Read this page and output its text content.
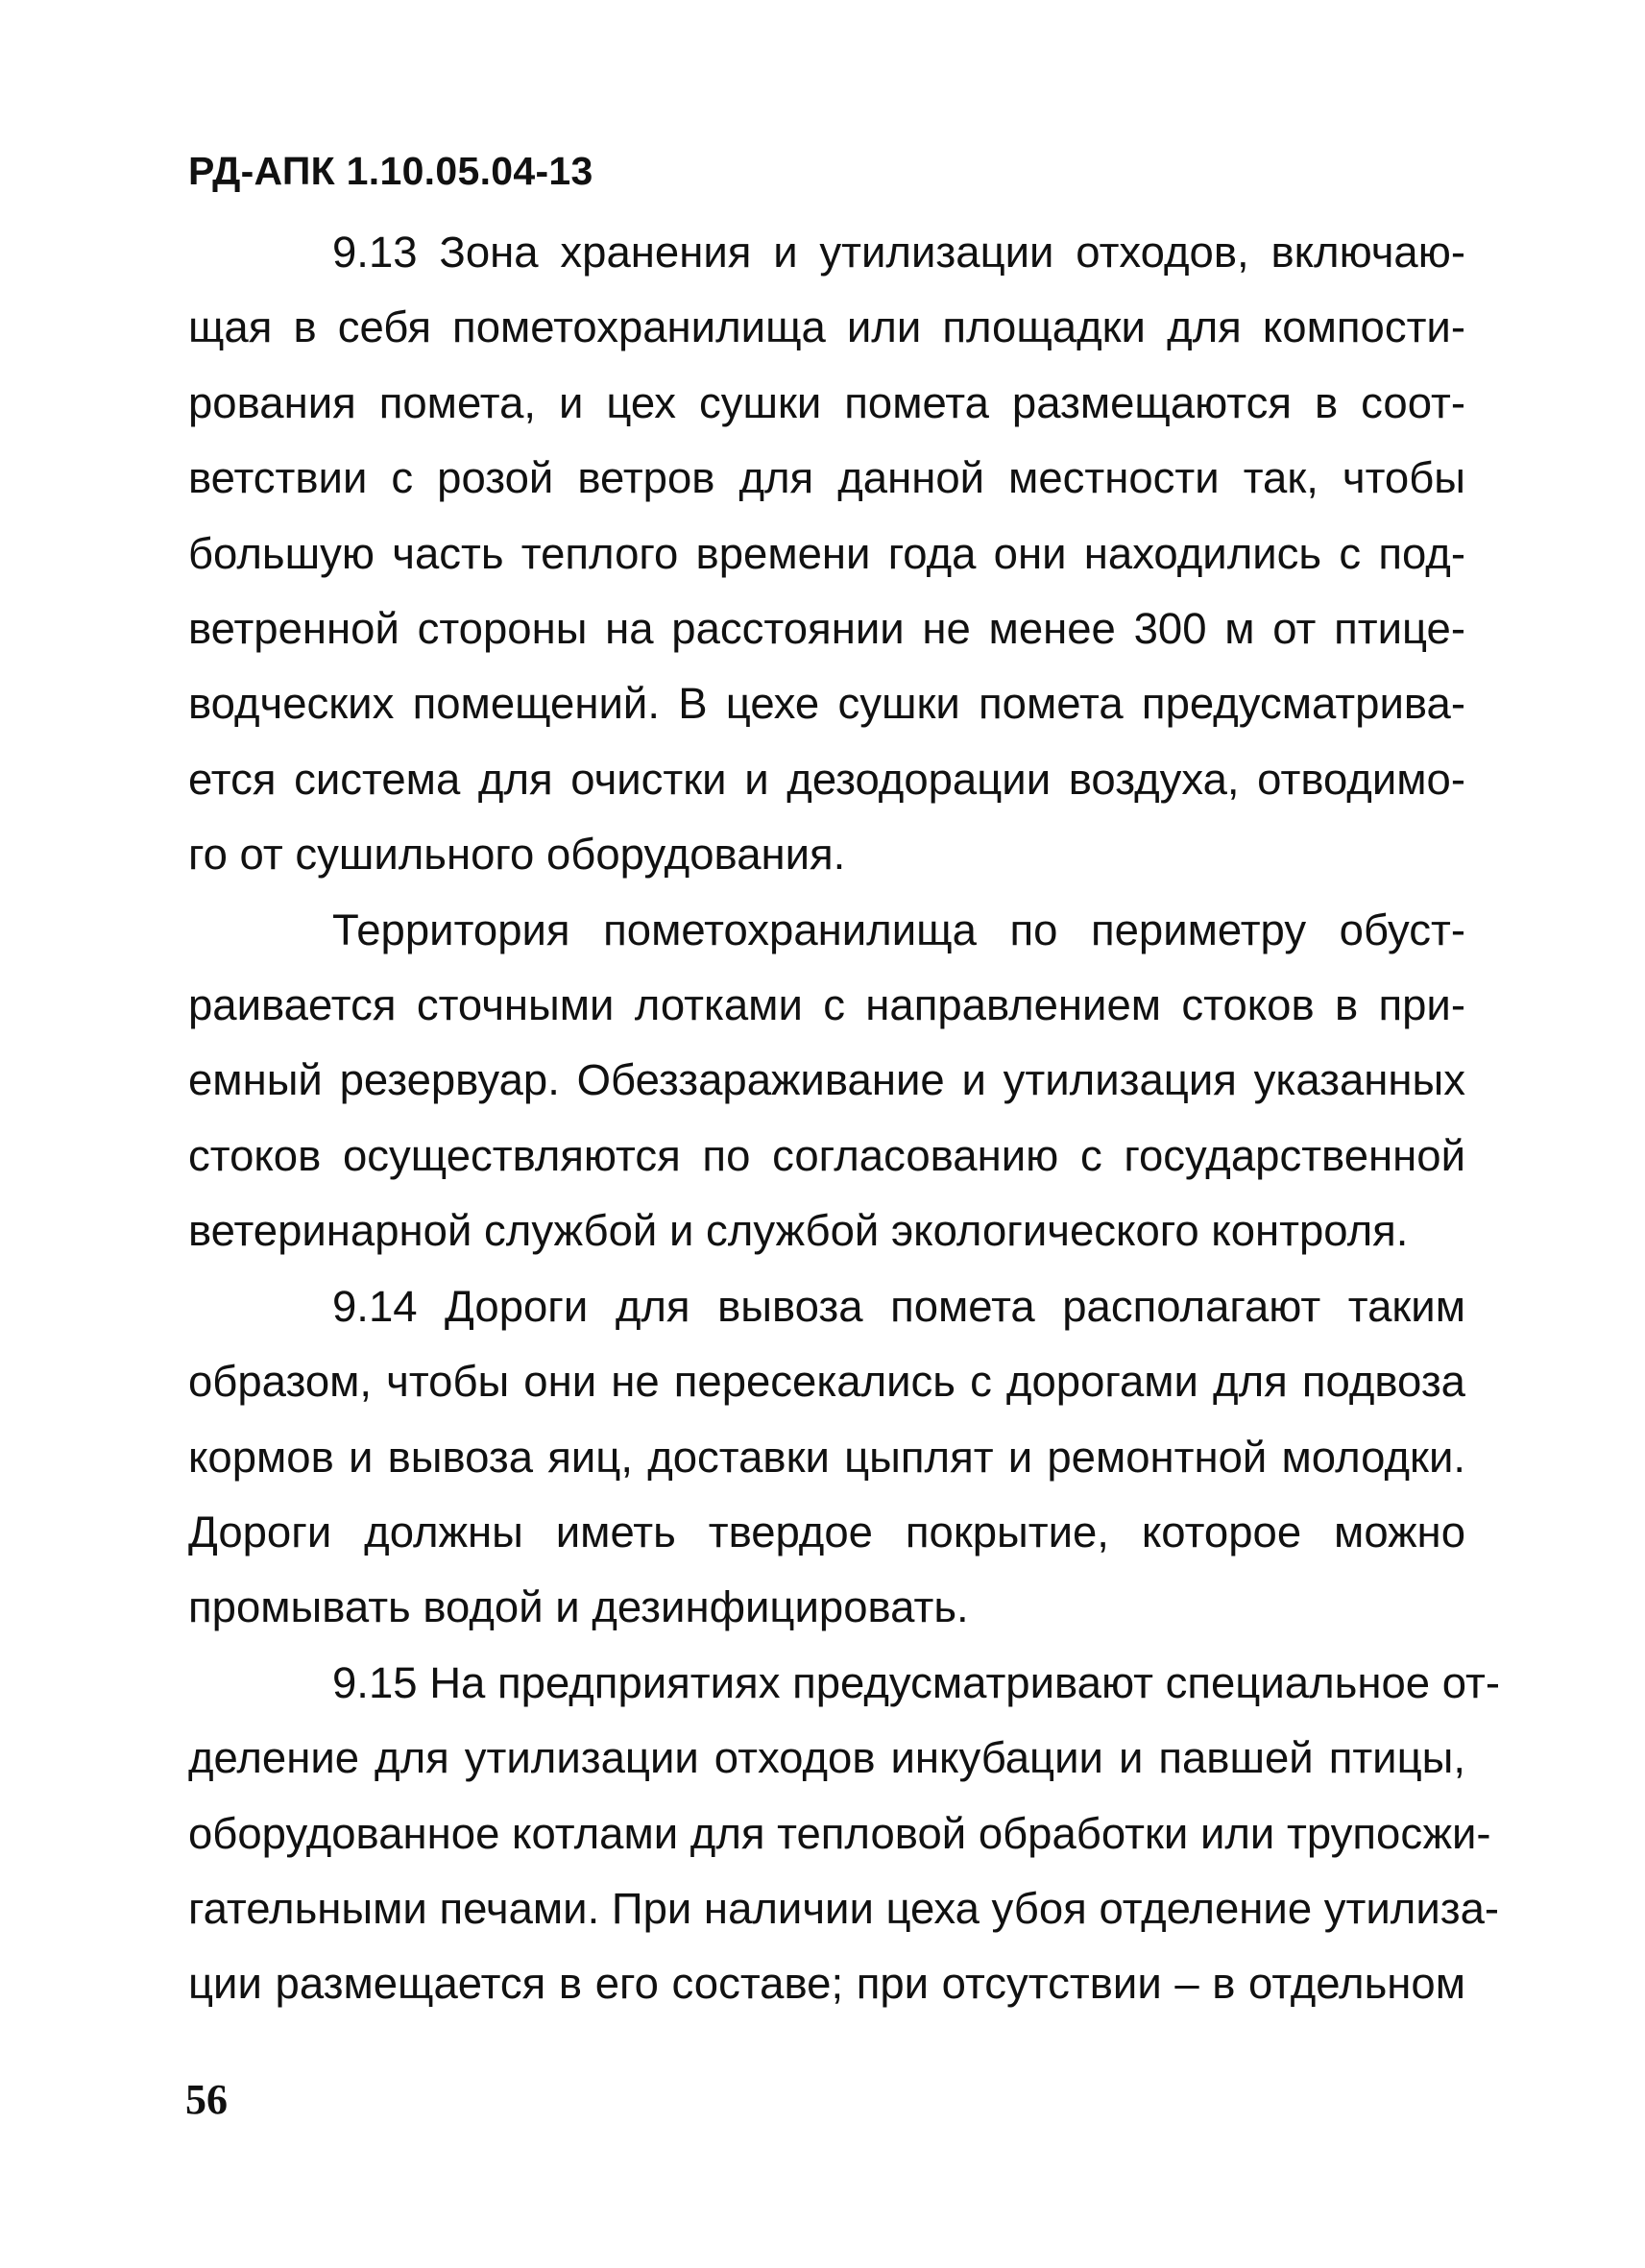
РД-АПК 1.10.05.04-13
9.13 Зона хранения и утилизации отходов, включаю-
щая в себя пометохранилища или площадки для компости-
рования помета, и цех сушки помета размещаются в соот-
ветствии с розой ветров для данной местности так, чтобы
большую часть теплого времени года они находились с под-
ветренной стороны на расстоянии не менее 300 м от птице-
водческих помещений. В цехе сушки помета предусматрива-
ется система для очистки и дезодорации воздуха, отводимо-
го от сушильного оборудования.
Территория пометохранилища по периметру обуст-
раивается сточными лотками с направлением стоков в при-
емный резервуар. Обеззараживание и утилизация указанных
стоков осуществляются по согласованию с государственной
ветеринарной службой и службой экологического контроля.
9.14 Дороги для вывоза помета располагают таким
образом, чтобы они не пересекались с дорогами для подвоза
кормов и вывоза яиц, доставки цыплят и ремонтной молодки.
Дороги должны иметь твердое покрытие, которое можно
промывать водой и дезинфицировать.
9.15 На предприятиях предусматривают специальное от-
деление для утилизации отходов инкубации и павшей птицы,
оборудованное котлами для тепловой обработки или трупосжи-
гательными печами. При наличии цеха убоя отделение утилиза-
ции размещается в его составе; при отсутствии – в отдельном
56
